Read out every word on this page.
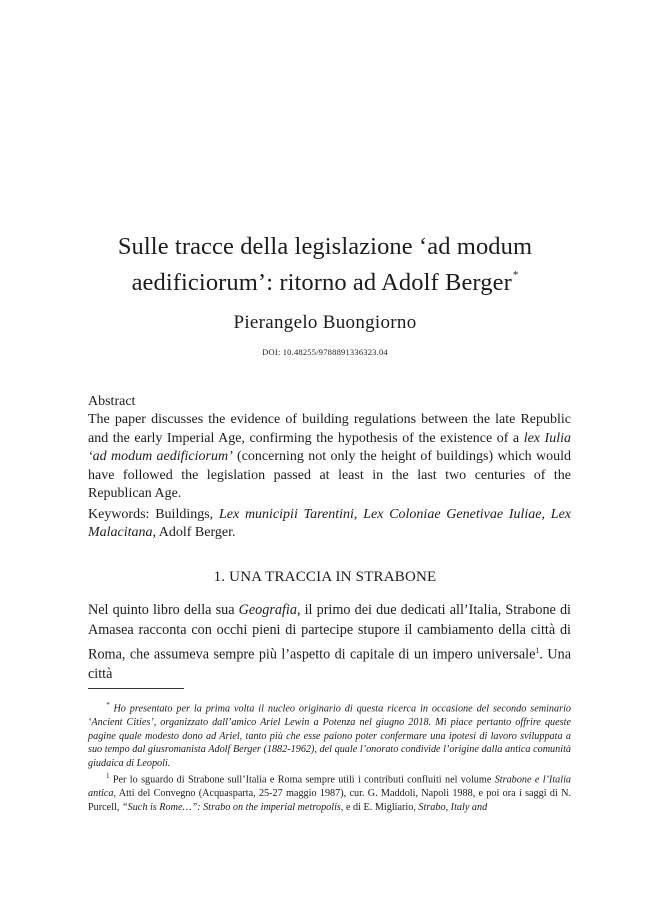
Sulle tracce della legislazione ‘ad modum
aedificiorum’: ritorno ad Adolf Berger*
Pierangelo Buongiorno
DOI: 10.48255/9788891336323.04

Abstract

The paper discusses the evidence of building regulations between the late Republic and the early Imperial Age, confirming the hypothesis of the existence of a lex Iulia ‘ad modum aedificiorum’ (concerning not only the height of buildings) which would have followed the legislation passed at least in the last two centuries of the Republican Age.

Keywords: Buildings, Lex municipii Tarentini, Lex Coloniae Genetivae Iuliae, Lex Malacitana, Adolf Berger.

1. UNA TRACCIA IN STRABONE

Nel quinto libro della sua Geografia, il primo dei due dedicati all’Italia, Strabone di Amasea racconta con occhi pieni di partecipe stupore il cambiamento della città di Roma, che assumeva sempre più l’aspetto di capitale di un impero universale$^1$. Una città

* Ho presentato per la prima volta il nucleo originario di questa ricerca in occasione del secondo seminario ‘Ancient Cities’, organizzato dall’amico Ariel Lewin a Potenza nel giugno 2018. Mi piace pertanto offrire queste pagine quale modesto dono ad Ariel, tanto più che esse paiono poter confermare una ipotesi di lavoro sviluppata a suo tempo dal giusromanista Adolf Berger (1882-1962), del quale l’onorato condivide l’origine dalla antica comunità giudaica di Leopoli.

$^1$ Per lo sguardo di Strabone sull’Italia e Roma sempre utili i contributi confluiti nel volume Strabone e l’Italia antica, Atti del Convegno (Acquasparta, 25-27 maggio 1987), cur. G. Maddoli, Napoli 1988, e poi ora i saggi di N. Purcell, “Such is Rome…”: Strabo on the imperial metropolis, e di E. Migliario, Strabo, Italy and
